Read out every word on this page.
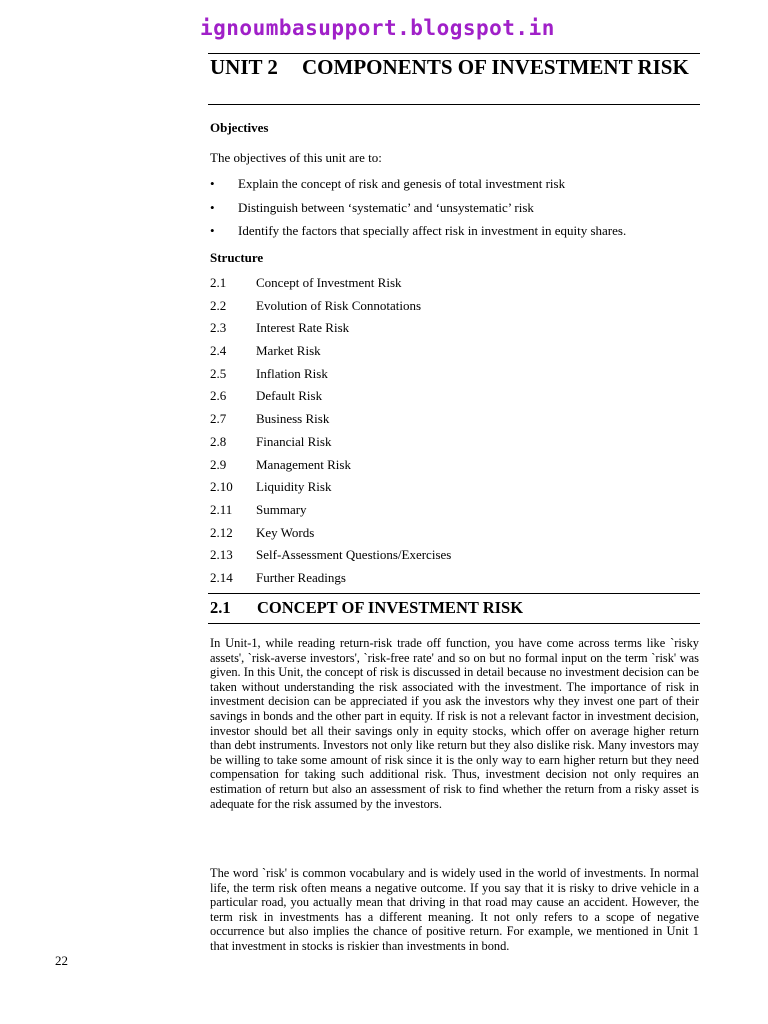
ignoumbasupport.blogspot.in
UNIT 2	COMPONENTS OF INVESTMENT RISK
Objectives
The objectives of this unit are to:
•	Explain the concept of risk and genesis of total investment risk
•	Distinguish between ‘systematic’ and ‘unsystematic’ risk
•	Identify the factors that specially affect risk in investment in equity shares.
Structure
2.1	Concept of Investment Risk
2.2	Evolution of Risk Connotations
2.3	Interest Rate Risk
2.4	Market Risk
2.5	Inflation Risk
2.6	Default Risk
2.7	Business Risk
2.8	Financial Risk
2.9	Management Risk
2.10	Liquidity Risk
2.11	Summary
2.12	Key Words
2.13	Self-Assessment Questions/Exercises
2.14	Further Readings
2.1	CONCEPT OF INVESTMENT RISK

In Unit-1, while reading return-risk trade off function, you have come across terms like `risky assets', `risk-averse investors', `risk-free rate' and so on but no formal input on the term `risk' was given. In this Unit, the concept of risk is discussed in detail because no investment decision can be taken without understanding the risk associated with the investment. The importance of risk in investment decision can be appreciated if you ask the investors why they invest one part of their savings in bonds and the other part in equity. If risk is not a relevant factor in investment decision, investor should bet all their savings only in equity stocks, which offer on average higher return than debt instruments. Investors not only like return but they also dislike risk. Many investors may be willing to take some amount of risk since it is the only way to earn higher return but they need compensation for taking such additional risk. Thus, investment decision not only requires an estimation of return but also an assessment of risk to find whether the return from a risky asset is adequate for the risk assumed by the investors.

The word `risk' is common vocabulary and is widely used in the world of investments. In normal life, the term risk often means a negative outcome. If you say that it is risky to drive vehicle in a particular road, you actually mean that driving in that road may cause an accident. However, the term risk in investments has a different meaning. It not only refers to a scope of negative occurrence but also implies the chance of positive return. For example, we mentioned in Unit 1 that investment in stocks is riskier than investments in bond.

22
